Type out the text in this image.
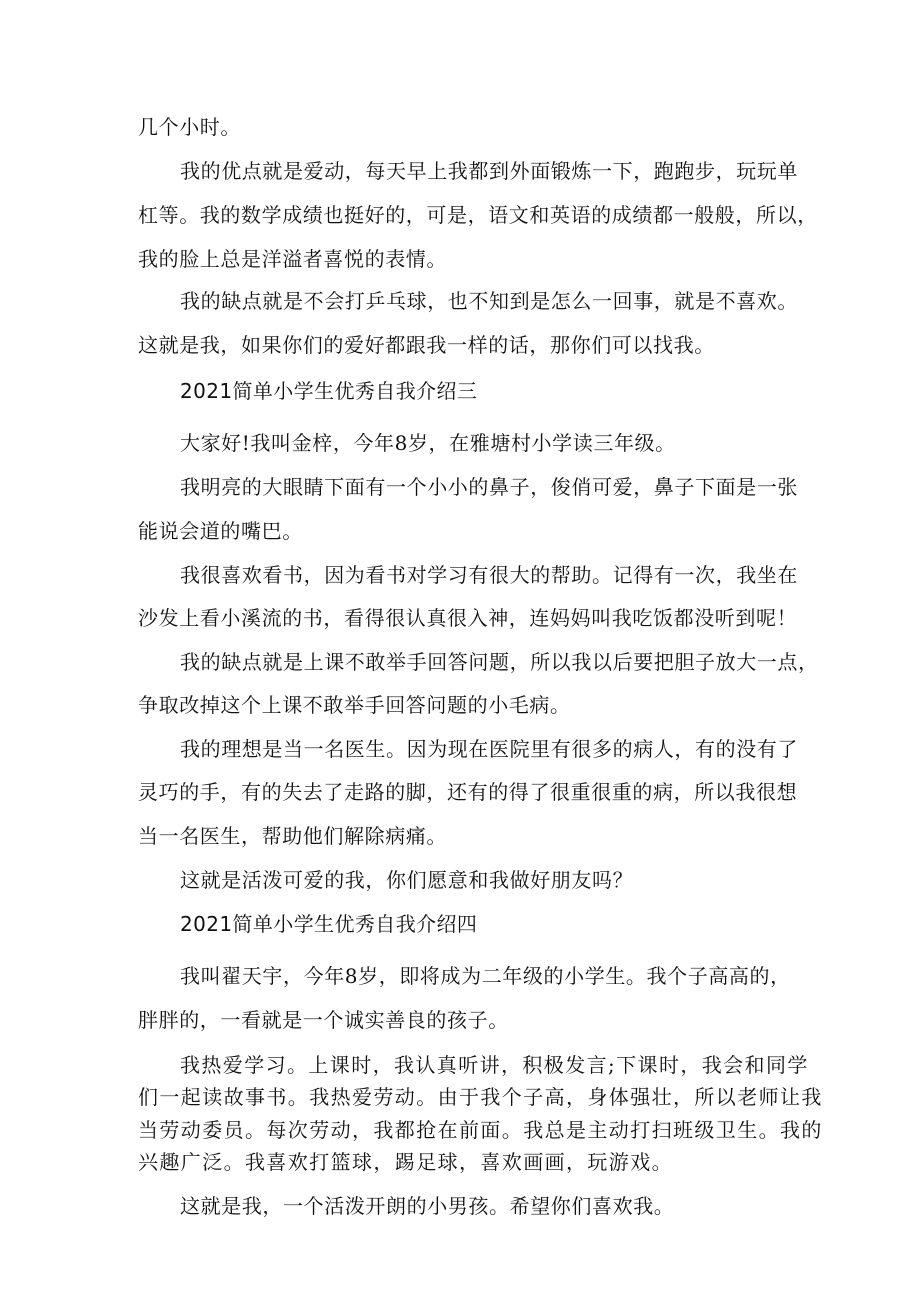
几个小时。
我的优点就是爱动，每天早上我都到外面锻炼一下，跑跑步，玩玩单
杠等。我的数学成绩也挺好的，可是，语文和英语的成绩都一般般，所以，
我的脸上总是洋溢者喜悦的表情。
我的缺点就是不会打乒乓球，也不知到是怎么一回事，就是不喜欢。
这就是我，如果你们的爱好都跟我一样的话，那你们可以找我。
2021简单小学生优秀自我介绍三
大家好!我叫金梓，今年8岁，在雅塘村小学读三年级。
我明亮的大眼睛下面有一个小小的鼻子，俊俏可爱，鼻子下面是一张
能说会道的嘴巴。
我很喜欢看书，因为看书对学习有很大的帮助。记得有一次，我坐在
沙发上看小溪流的书，看得很认真很入神，连妈妈叫我吃饭都没听到呢！
我的缺点就是上课不敢举手回答问题，所以我以后要把胆子放大一点，
争取改掉这个上课不敢举手回答问题的小毛病。
我的理想是当一名医生。因为现在医院里有很多的病人，有的没有了
灵巧的手，有的失去了走路的脚，还有的得了很重很重的病，所以我很想
当一名医生，帮助他们解除病痛。
这就是活泼可爱的我，你们愿意和我做好朋友吗？
2021简单小学生优秀自我介绍四
我叫翟天宇，今年8岁，即将成为二年级的小学生。我个子高高的，
胖胖的，一看就是一个诚实善良的孩子。
我热爱学习。上课时，我认真听讲，积极发言;下课时，我会和同学
们一起读故事书。我热爱劳动。由于我个子高，身体强壮，所以老师让我
当劳动委员。每次劳动，我都抢在前面。我总是主动打扫班级卫生。我的
兴趣广泛。我喜欢打篮球，踢足球，喜欢画画，玩游戏。
这就是我，一个活泼开朗的小男孩。希望你们喜欢我。
